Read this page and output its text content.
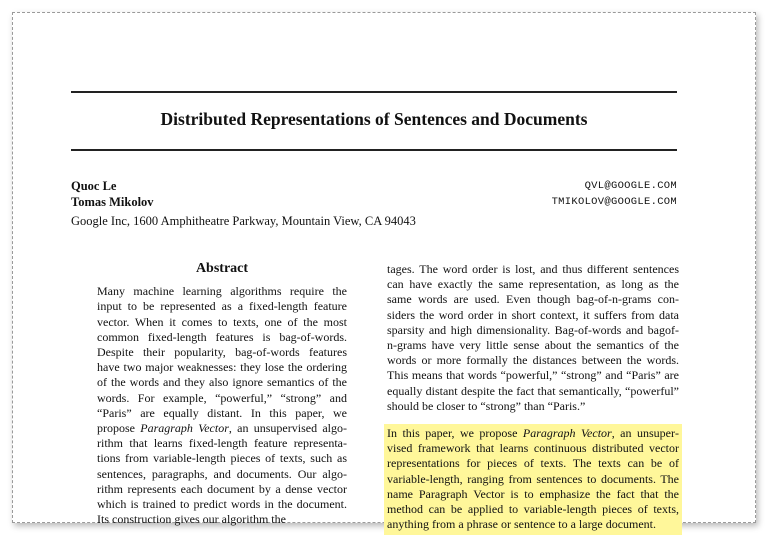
Distributed Representations of Sentences and Documents
Quoc Le	QVL@GOOGLE.COM
Tomas Mikolov	TMIKOLOV@GOOGLE.COM
Google Inc, 1600 Amphitheatre Parkway, Mountain View, CA 94043
Abstract
Many machine learning algorithms require the input to be represented as a fixed-length feature vector. When it comes to texts, one of the most common fixed-length features is bag-of-words. Despite their popularity, bag-of-words features have two major weaknesses: they lose the ordering of the words and they also ignore semantics of the words. For example, “powerful,” “strong” and “Paris” are equally distant. In this paper, we propose Paragraph Vector, an unsupervised algorithm that learns fixed-length feature representations from variable-length pieces of texts, such as sentences, paragraphs, and documents. Our algorithm represents each document by a dense vector which is trained to predict words in the document. Its construction gives our algorithm the

tages. The word order is lost, and thus different sentences can have exactly the same representation, as long as the same words are used. Even though bag-of-n-grams considers the word order in short context, it suffers from data sparsity and high dimensionality. Bag-of-words and bagof-n-grams have very little sense about the semantics of the words or more formally the distances between the words. This means that words “powerful,” “strong” and “Paris” are equally distant despite the fact that semantically, “powerful” should be closer to “strong” than “Paris.”

In this paper, we propose Paragraph Vector, an unsupervised framework that learns continuous distributed vector representations for pieces of texts. The texts can be of variable-length, ranging from sentences to documents. The name Paragraph Vector is to emphasize the fact that the method can be applied to variable-length pieces of texts, anything from a phrase or sentence to a large document.
